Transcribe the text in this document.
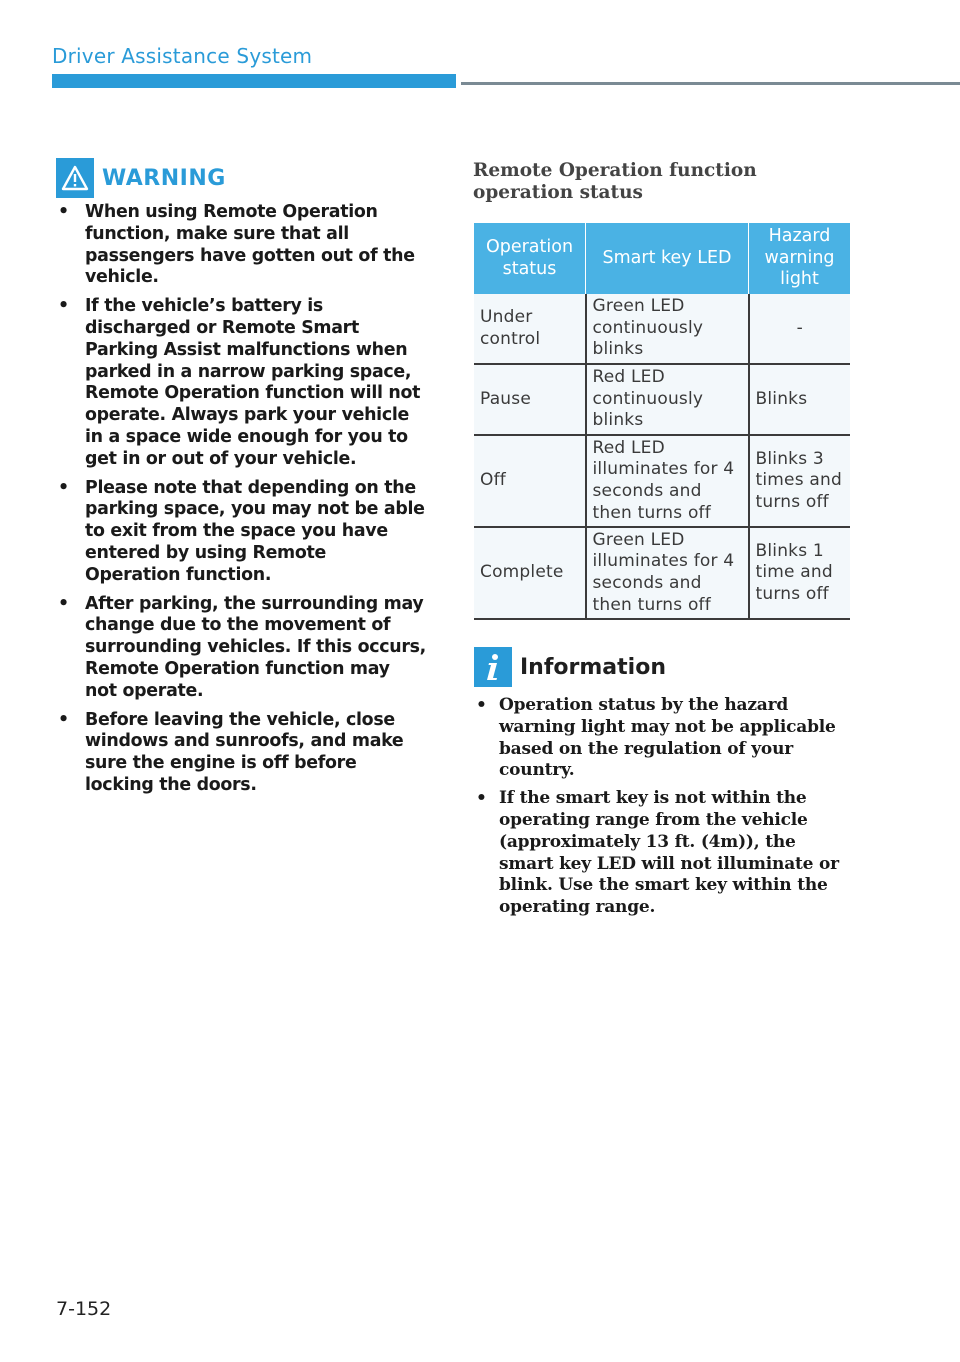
Driver Assistance System
WARNING
• When using Remote Operation function, make sure that all passengers have gotten out of the vehicle.
• If the vehicle’s battery is discharged or Remote Smart Parking Assist malfunctions when parked in a narrow parking space, Remote Operation function will not operate. Always park your vehicle in a space wide enough for you to get in or out of your vehicle.
• Please note that depending on the parking space, you may not be able to exit from the space you have entered by using Remote Operation function.
• After parking, the surrounding may change due to the movement of surrounding vehicles. If this occurs, Remote Operation function may not operate.
• Before leaving the vehicle, close windows and sunroofs, and make sure the engine is off before locking the doors.
Remote Operation function operation status
Operation status	Smart key LED	Hazard warning light
Under control	Green LED continuously blinks	-
Pause	Red LED continuously blinks	Blinks
Off	Red LED illuminates for 4 seconds and then turns off	Blinks 3 times and turns off
Complete	Green LED illuminates for 4 seconds and then turns off	Blinks 1 time and turns off
Information
• Operation status by the hazard warning light may not be applicable based on the regulation of your country.
• If the smart key is not within the operating range from the vehicle (approximately 13 ft. (4m)), the smart key LED will not illuminate or blink. Use the smart key within the operating range.
7-152
